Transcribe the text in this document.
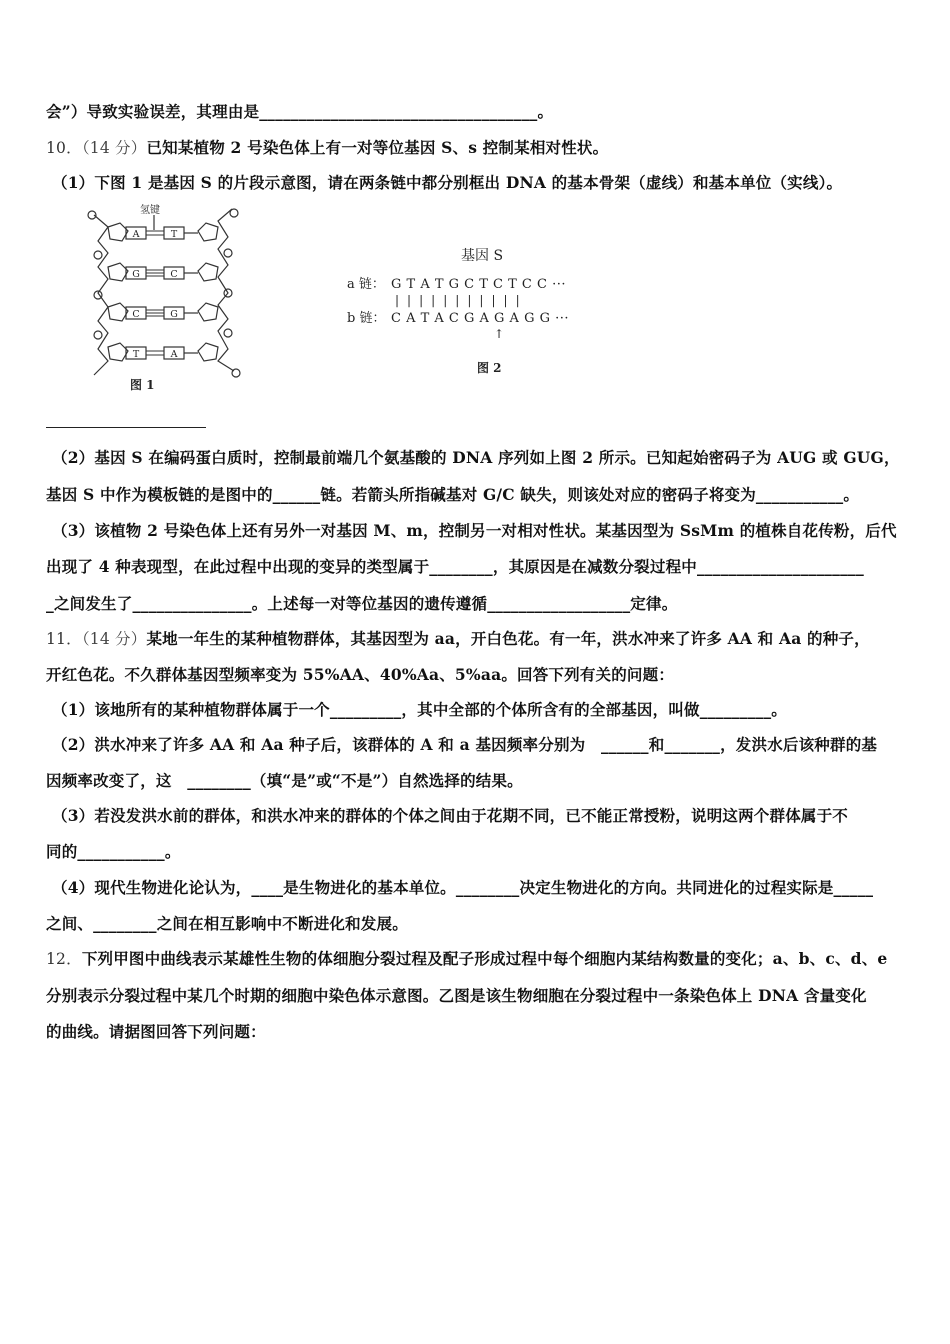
会”）导致实验误差，其理由是___________________________________。
10．（14 分）已知某植物 2 号染色体上有一对等位基因 S、s 控制某相对性状。
（1）下图 1 是基因 S 的片段示意图，请在两条链中都分别框出 DNA 的基本骨架（虚线）和基本单位（实线）。
氢键
A	T
G	C
C	G
T	A
图 1
基因 S
a 链： G T A T G C T C T C C ···
| | | | | | | | | | |
b 链： C A T A C G A G A G G ···
↑
图 2
（2）基因 S 在编码蛋白质时，控制最前端几个氨基酸的 DNA 序列如上图 2 所示。已知起始密码子为 AUG 或 GUG，
基因 S 中作为模板链的是图中的______链。若箭头所指碱基对 G/C 缺失，则该处对应的密码子将变为___________。
（3）该植物 2 号染色体上还有另外一对基因 M、m，控制另一对相对性状。某基因型为 SsMm 的植株自花传粉，后代
出现了 4 种表现型，在此过程中出现的变异的类型属于________，其原因是在减数分裂过程中_____________________
_之间发生了_______________。上述每一对等位基因的遗传遵循__________________定律。
11．（14 分）某地一年生的某种植物群体，其基因型为 aa，开白色花。有一年，洪水冲来了许多 AA 和 Aa 的种子，
开红色花。不久群体基因型频率变为 55%AA、40%Aa、5%aa。回答下列有关的问题：
（1）该地所有的某种植物群体属于一个_________，其中全部的个体所含有的全部基因，叫做_________。
（2）洪水冲来了许多 AA 和 Aa 种子后，该群体的 A 和 a 基因频率分别为　______和_______，发洪水后该种群的基
因频率改变了，这　________（填“是”或“不是”）自然选择的结果。
（3）若没发洪水前的群体，和洪水冲来的群体的个体之间由于花期不同，已不能正常授粉，说明这两个群体属于不
同的___________。
（4）现代生物进化论认为，____是生物进化的基本单位。________决定生物进化的方向。共同进化的过程实际是_____
之间、________之间在相互影响中不断进化和发展。
12．下列甲图中曲线表示某雄性生物的体细胞分裂过程及配子形成过程中每个细胞内某结构数量的变化；a、b、c、d、e
分别表示分裂过程中某几个时期的细胞中染色体示意图。乙图是该生物细胞在分裂过程中一条染色体上 DNA 含量变化
的曲线。请据图回答下列问题：
